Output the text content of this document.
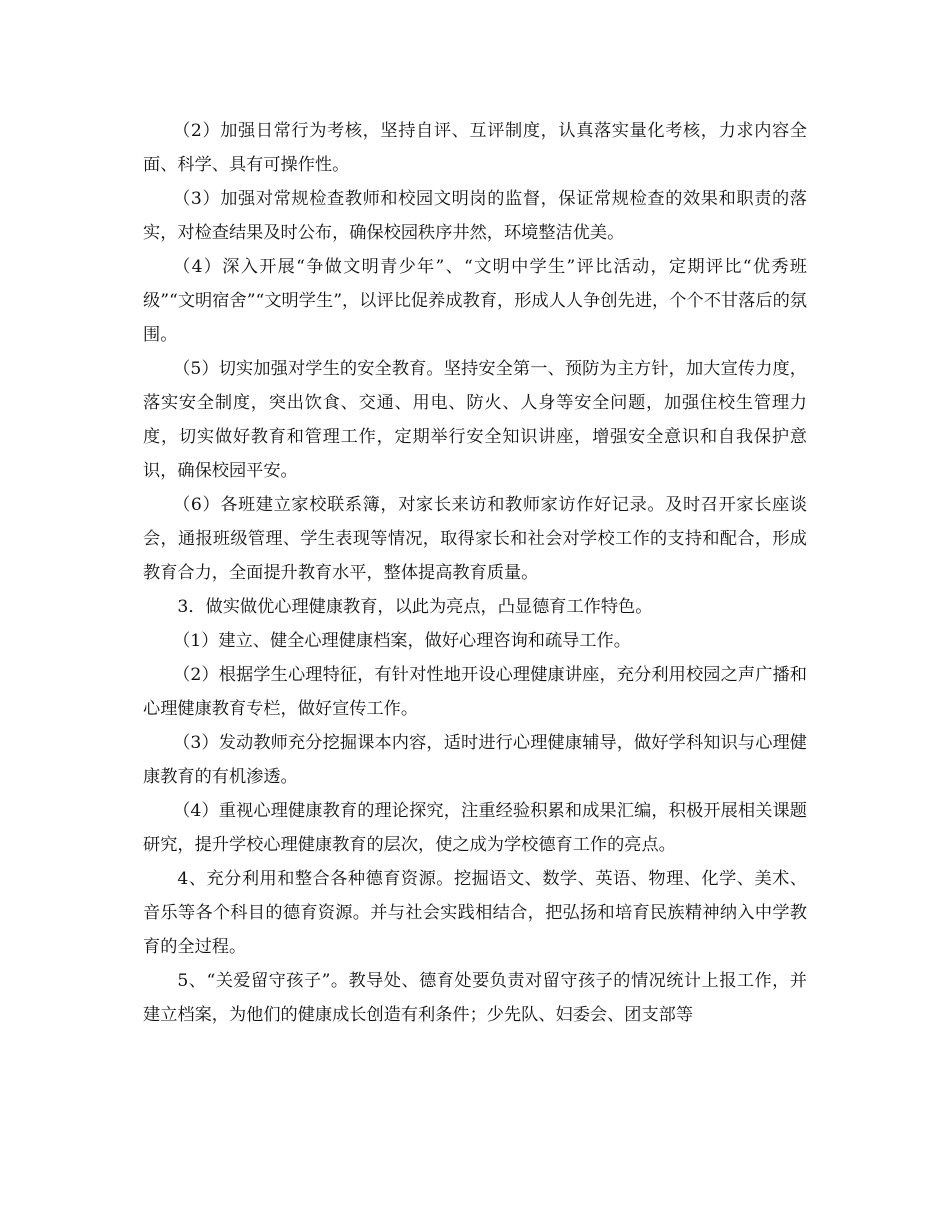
（2）加强日常行为考核，坚持自评、互评制度，认真落实量化考核，力求内容全面、科学、具有可操作性。

（3）加强对常规检查教师和校园文明岗的监督，保证常规检查的效果和职责的落实，对检查结果及时公布，确保校园秩序井然，环境整洁优美。

（4）深入开展“争做文明青少年”、“文明中学生”评比活动，定期评比“优秀班级”“文明宿舍”“文明学生”，以评比促养成教育，形成人人争创先进，个个不甘落后的氛围。

（5）切实加强对学生的安全教育。坚持安全第一、预防为主方针，加大宣传力度，落实安全制度，突出饮食、交通、用电、防火、人身等安全问题，加强住校生管理力度，切实做好教育和管理工作，定期举行安全知识讲座，增强安全意识和自我保护意识，确保校园平安。

（6）各班建立家校联系簿，对家长来访和教师家访作好记录。及时召开家长座谈会，通报班级管理、学生表现等情况，取得家长和社会对学校工作的支持和配合，形成教育合力，全面提升教育水平，整体提高教育质量。

3．做实做优心理健康教育，以此为亮点，凸显德育工作特色。

（1）建立、健全心理健康档案，做好心理咨询和疏导工作。

（2）根据学生心理特征，有针对性地开设心理健康讲座，充分利用校园之声广播和心理健康教育专栏，做好宣传工作。

（3）发动教师充分挖掘课本内容，适时进行心理健康辅导，做好学科知识与心理健康教育的有机渗透。

（4）重视心理健康教育的理论探究，注重经验积累和成果汇编，积极开展相关课题研究，提升学校心理健康教育的层次，使之成为学校德育工作的亮点。

4、充分利用和整合各种德育资源。挖掘语文、数学、英语、物理、化学、美术、音乐等各个科目的德育资源。并与社会实践相结合，把弘扬和培育民族精神纳入中学教育的全过程。

5、“关爱留守孩子”。教导处、德育处要负责对留守孩子的情况统计上报工作，并建立档案，为他们的健康成长创造有利条件；少先队、妇委会、团支部等
